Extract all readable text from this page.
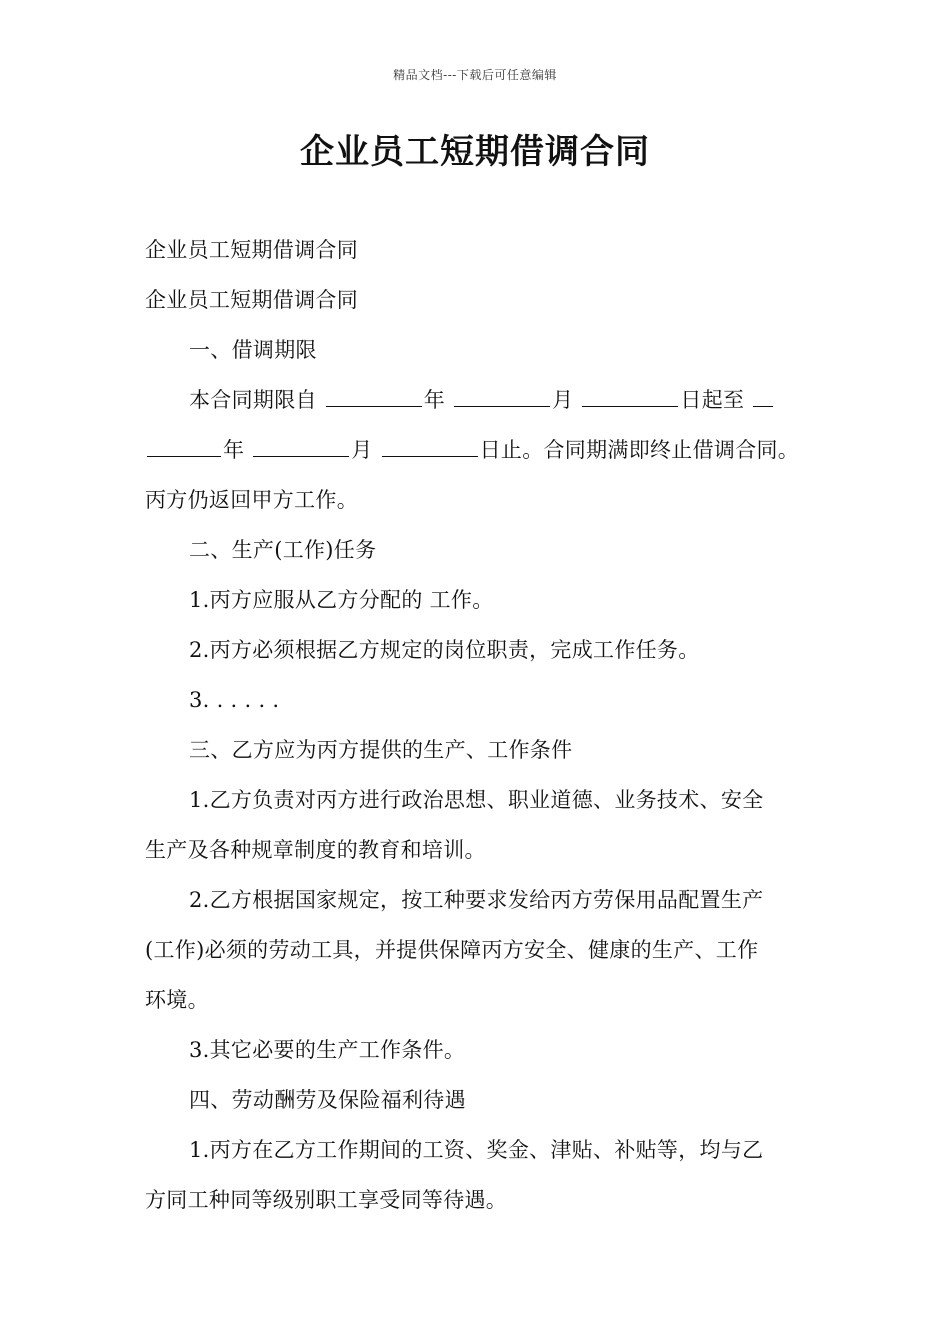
精品文档---下载后可任意编辑
企业员工短期借调合同
企业员工短期借调合同
企业员工短期借调合同
一、借调期限
本合同期限自	年	月	日起至
年	月	日止。合同期满即终止借调合同。
丙方仍返回甲方工作。
二、生产(工作)任务
1.丙方应服从乙方分配的 工作。
2.丙方必须根据乙方规定的岗位职责，完成工作任务。
3. . . . . .
三、乙方应为丙方提供的生产、工作条件
1.乙方负责对丙方进行政治思想、职业道德、业务技术、安全
生产及各种规章制度的教育和培训。
2.乙方根据国家规定，按工种要求发给丙方劳保用品配置生产
(工作)必须的劳动工具，并提供保障丙方安全、健康的生产、工作
环境。
3.其它必要的生产工作条件。
四、劳动酬劳及保险福利待遇
1.丙方在乙方工作期间的工资、奖金、津贴、补贴等，均与乙
方同工种同等级别职工享受同等待遇。
